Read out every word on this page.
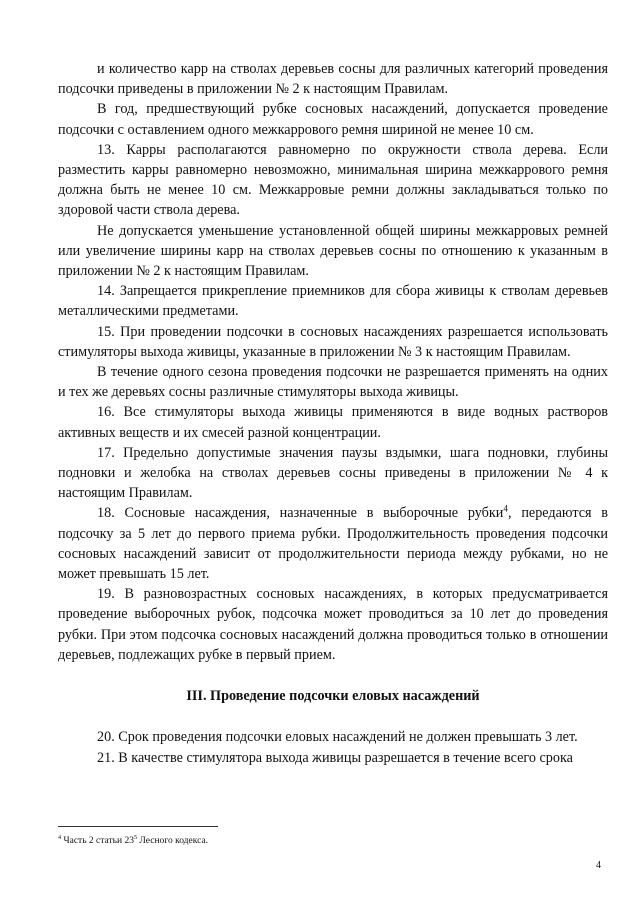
и количество карр на стволах деревьев сосны для различных категорий проведения подсочки приведены в приложении № 2 к настоящим Правилам.

В год, предшествующий рубке сосновых насаждений, допускается проведение подсочки с оставлением одного межкаррового ремня шириной не менее 10 см.

13. Карры располагаются равномерно по окружности ствола дерева. Если разместить карры равномерно невозможно, минимальная ширина межкаррового ремня должна быть не менее 10 см. Межкарровые ремни должны закладываться только по здоровой части ствола дерева.

Не допускается уменьшение установленной общей ширины межкарровых ремней или увеличение ширины карр на стволах деревьев сосны по отношению к указанным в приложении № 2 к настоящим Правилам.

14. Запрещается прикрепление приемников для сбора живицы к стволам деревьев металлическими предметами.

15. При проведении подсочки в сосновых насаждениях разрешается использовать стимуляторы выхода живицы, указанные в приложении № 3 к настоящим Правилам.

В течение одного сезона проведения подсочки не разрешается применять на одних и тех же деревьях сосны различные стимуляторы выхода живицы.

16. Все стимуляторы выхода живицы применяются в виде водных растворов активных веществ и их смесей разной концентрации.

17. Предельно допустимые значения паузы вздымки, шага подновки, глубины подновки и желобка на стволах деревьев сосны приведены в приложении № 4 к настоящим Правилам.

18. Сосновые насаждения, назначенные в выборочные рубки$^4$, передаются в подсочку за 5 лет до первого приема рубки. Продолжительность проведения подсочки сосновых насаждений зависит от продолжительности периода между рубками, но не может превышать 15 лет.

19. В разновозрастных сосновых насаждениях, в которых предусматривается проведение выборочных рубок, подсочка может проводиться за 10 лет до проведения рубки. При этом подсочка сосновых насаждений должна проводиться только в отношении деревьев, подлежащих рубке в первый прием.

III. Проведение подсочки еловых насаждений

20. Срок проведения подсочки еловых насаждений не должен превышать 3 лет.

21. В качестве стимулятора выхода живицы разрешается в течение всего срока

$^4$ Часть 2 статьи $23^5$ Лесного кодекса.
4
